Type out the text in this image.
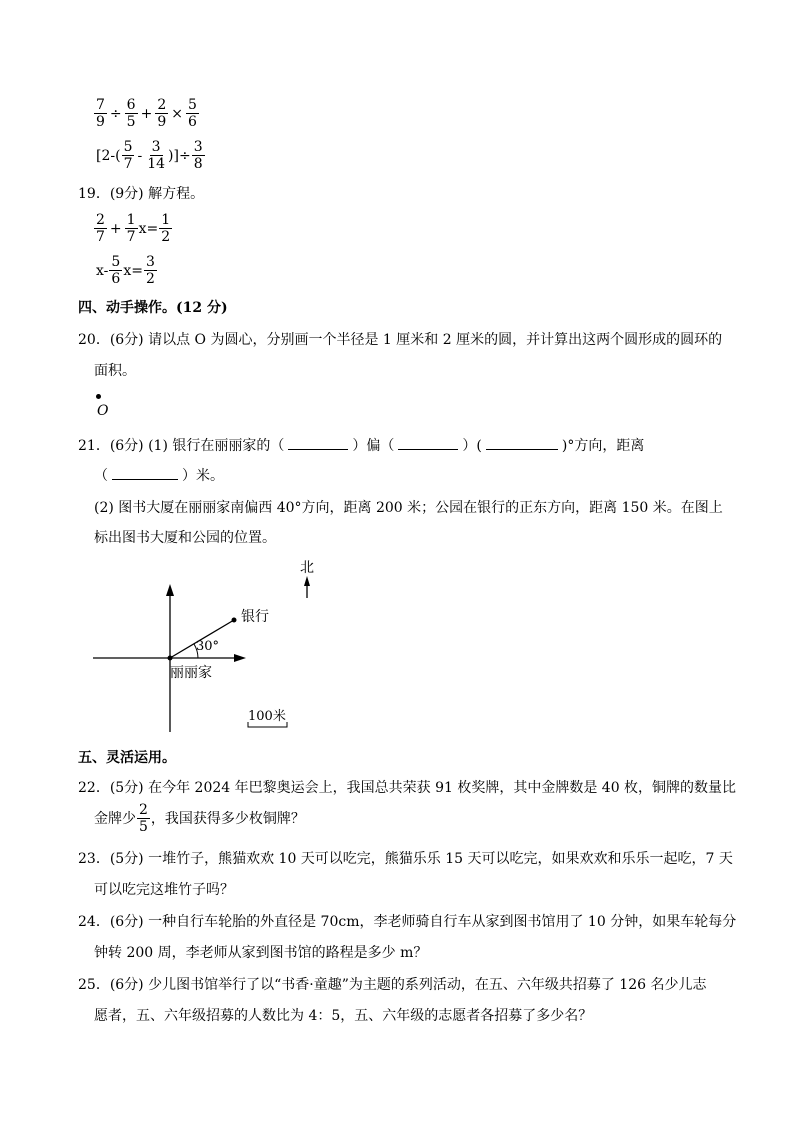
$\frac{7}{9} \div \frac{6}{5} + \frac{2}{9} \times \frac{5}{6}$
[$2-( \frac{5}{7} - \frac{3}{14}$ )]÷ $\frac{3}{8}$
19．(9分) 解方程。
$\frac{2}{7} + \frac{1}{7} x= \frac{1}{2}$
$x- \frac{5}{6} x= \frac{3}{2}$
四、动手操作。(12 分)
20．(6分) 请以点 O 为圆心，分别画一个半径是 1 厘米和 2 厘米的圆，并计算出这两个圆形成的圆环的
面积。
O
21．(6分) (1) 银行在丽丽家的（	）偏（	）(	)°方向，距离
（	）米。
(2) 图书大厦在丽丽家南偏西 40°方向，距离 200 米；公园在银行的正东方向，距离 150 米。在图上
标出图书大厦和公园的位置。
北
银行
30°
丽丽家
100米
五、灵活运用。
22．(5分) 在今年 2024 年巴黎奥运会上，我国总共荣获 91 枚奖牌，其中金牌数是 40 枚，铜牌的数量比
金牌少 $\frac{2}{5}$ ，我国获得多少枚铜牌？
23．(5分) 一堆竹子，熊猫欢欢 10 天可以吃完，熊猫乐乐 15 天可以吃完，如果欢欢和乐乐一起吃，7 天
可以吃完这堆竹子吗？
24．(6分) 一种自行车轮胎的外直径是 70cm，李老师骑自行车从家到图书馆用了 10 分钟，如果车轮每分
钟转 200 周，李老师从家到图书馆的路程是多少 m？
25．(6分) 少儿图书馆举行了以“书香·童趣”为主题的系列活动，在五、六年级共招募了 126 名少儿志
愿者，五、六年级招募的人数比为 4：5，五、六年级的志愿者各招募了多少名？
